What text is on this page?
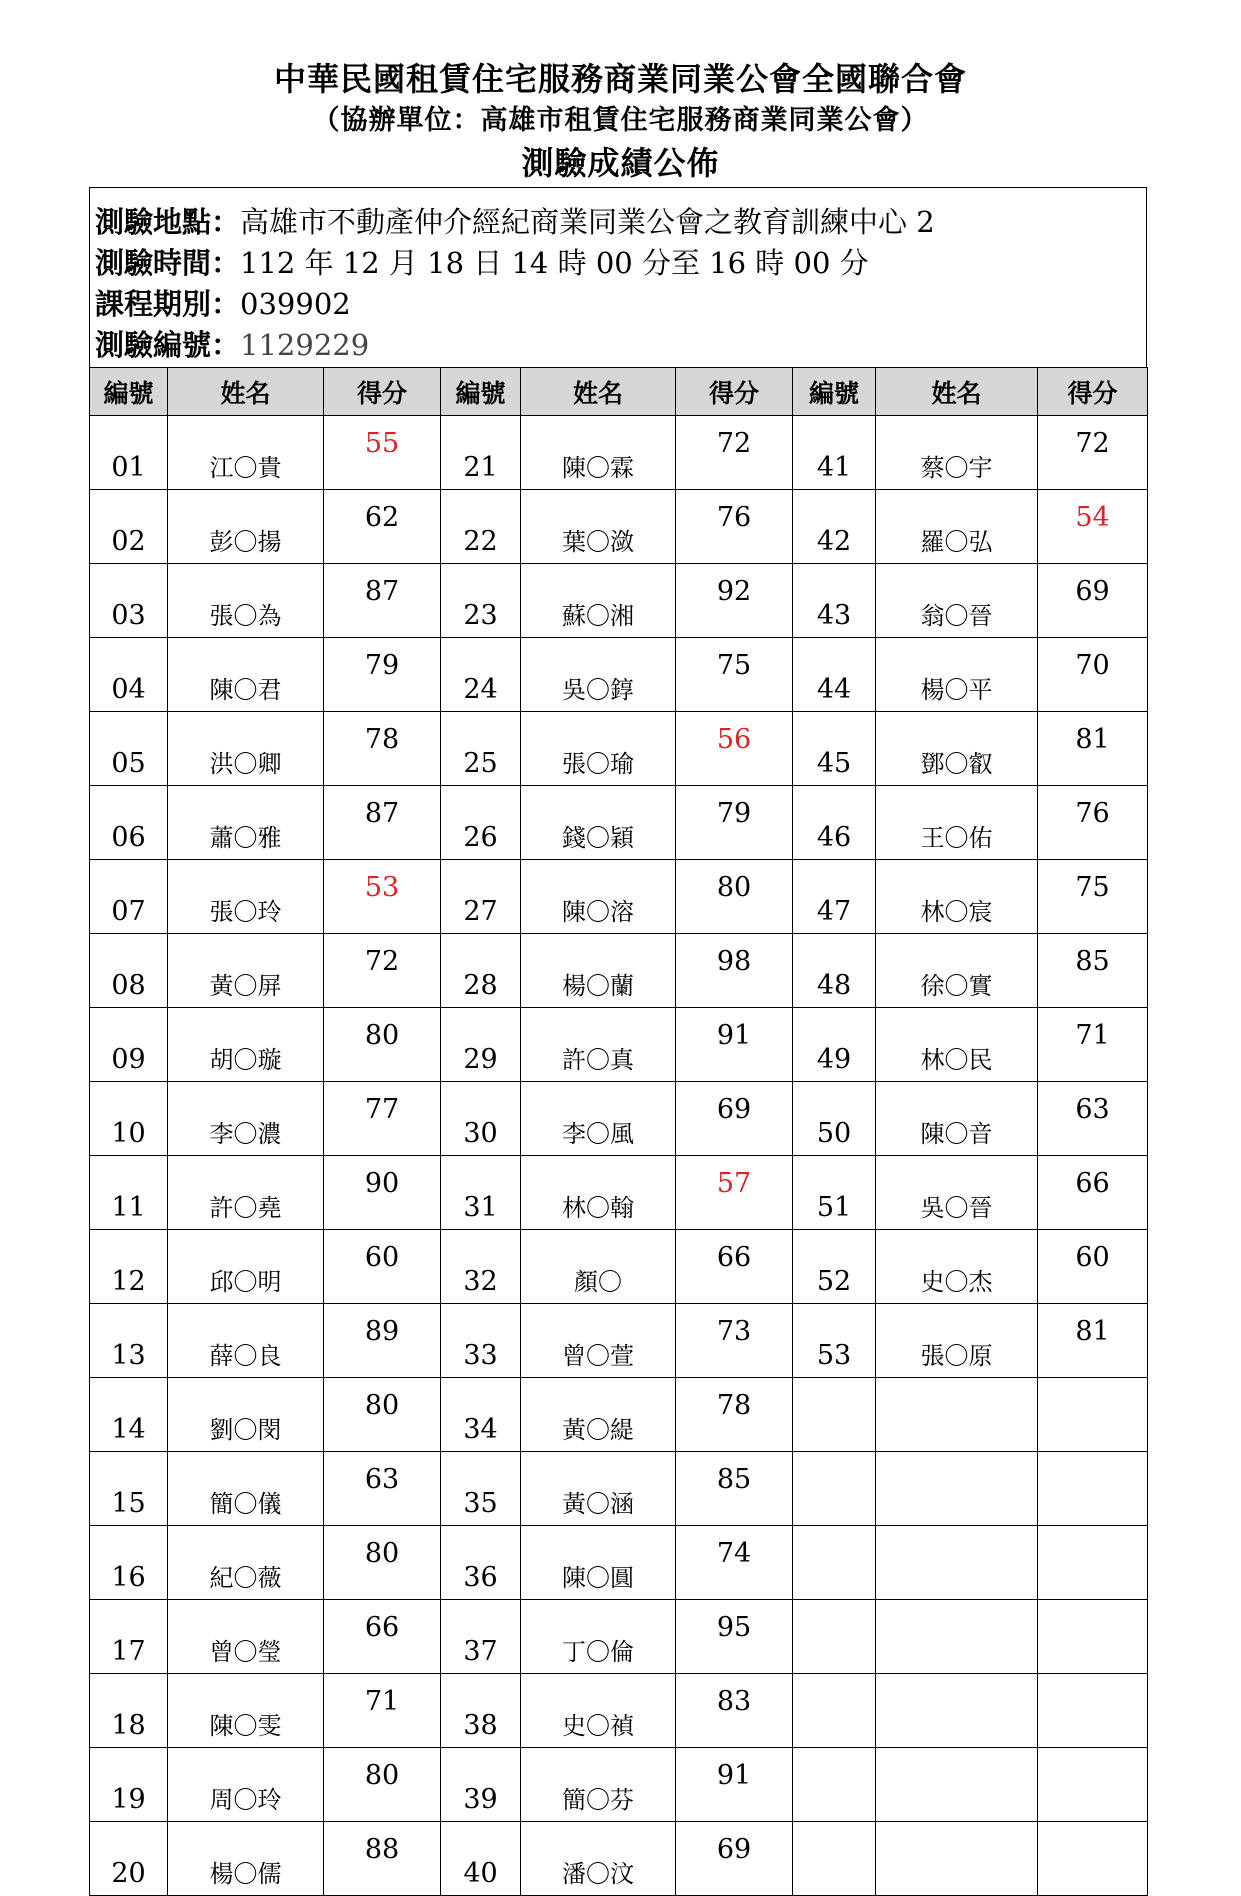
中華民國租賃住宅服務商業同業公會全國聯合會
（協辦單位：高雄市租賃住宅服務商業同業公會）
測驗成績公佈
測驗地點：高雄市不動產仲介經紀商業同業公會之教育訓練中心 2
測驗時間：112 年 12 月 18 日 14 時 00 分至 16 時 00 分
課程期別：039902
測驗編號：1129229
編號	姓名	得分	編號	姓名	得分	編號	姓名	得分
01	江〇貴	55	21	陳〇霖	72	41	蔡〇宇	72
02	彭〇揚	62	22	葉〇潋	76	42	羅〇弘	54
03	張〇為	87	23	蘇〇湘	92	43	翁〇晉	69
04	陳〇君	79	24	吳〇錞	75	44	楊〇平	70
05	洪〇卿	78	25	張〇瑜	56	45	鄧〇叡	81
06	蕭〇雅	87	26	錢〇穎	79	46	王〇佑	76
07	張〇玲	53	27	陳〇溶	80	47	林〇宸	75
08	黃〇屏	72	28	楊〇蘭	98	48	徐〇實	85
09	胡〇璇	80	29	許〇真	91	49	林〇民	71
10	李〇濃	77	30	李〇風	69	50	陳〇音	63
11	許〇堯	90	31	林〇翰	57	51	吳〇晉	66
12	邱〇明	60	32	顏〇	66	52	史〇杰	60
13	薛〇良	89	33	曾〇萱	73	53	張〇原	81
14	劉〇閔	80	34	黃〇緹	78			
15	簡〇儀	63	35	黃〇涵	85			
16	紀〇薇	80	36	陳〇圓	74			
17	曾〇瑩	66	37	丁〇倫	95			
18	陳〇雯	71	38	史〇禎	83			
19	周〇玲	80	39	簡〇芬	91			
20	楊〇儒	88	40	潘〇汶	69			
